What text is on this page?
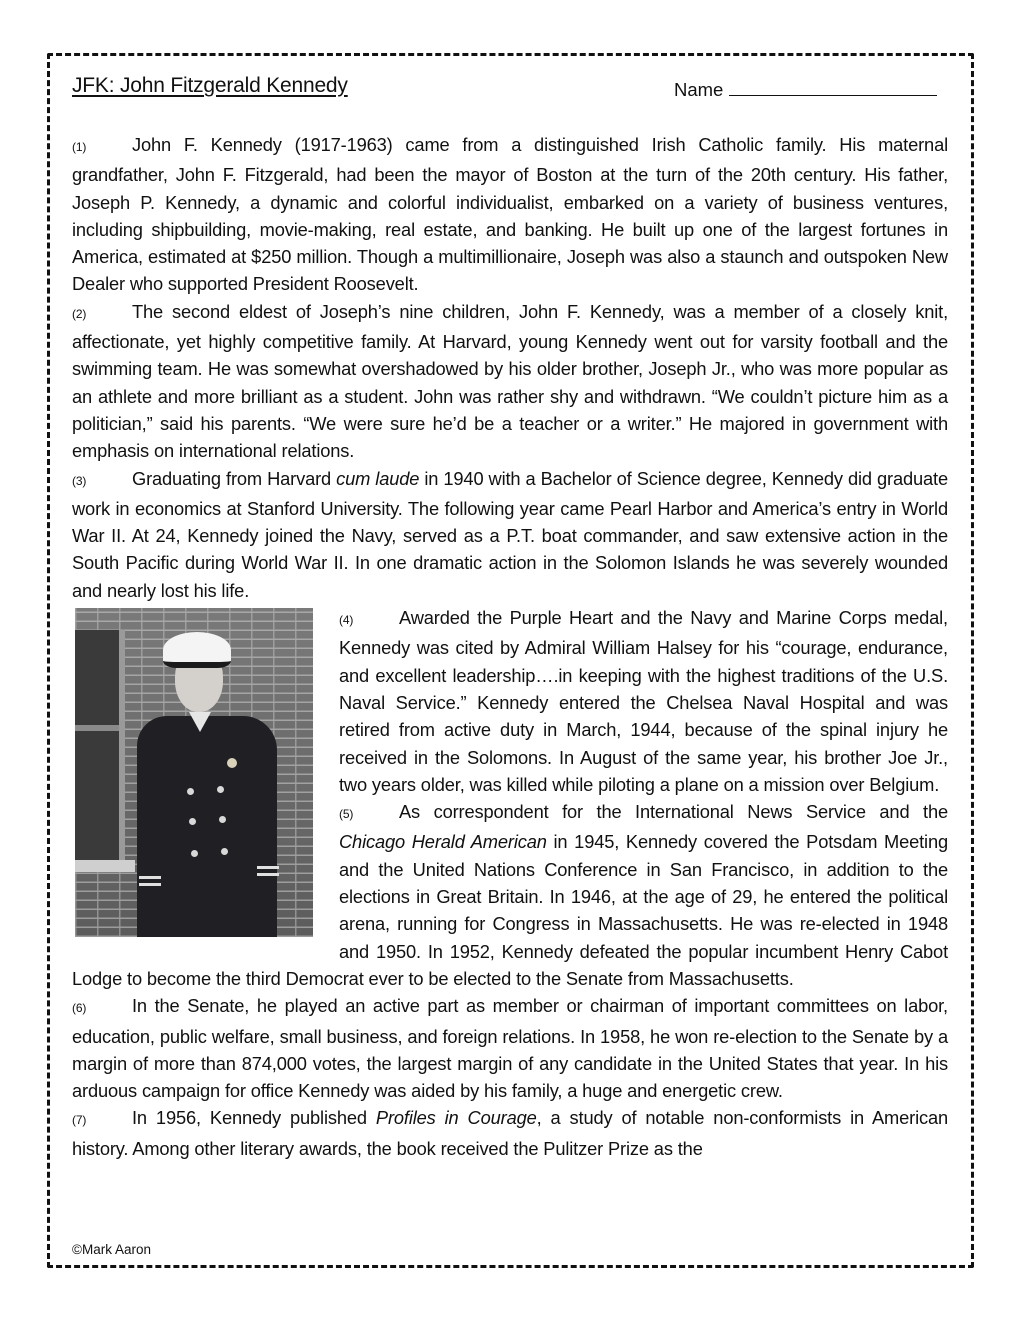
JFK: John Fitzgerald Kennedy	Name

(1)	John F. Kennedy (1917-1963) came from a distinguished Irish Catholic family. His maternal grandfather, John F. Fitzgerald, had been the mayor of Boston at the turn of the 20th century. His father, Joseph P. Kennedy, a dynamic and colorful individualist, embarked on a variety of business ventures, including shipbuilding, movie-making, real estate, and banking. He built up one of the largest fortunes in America, estimated at $250 million. Though a multimillionaire, Joseph was also a staunch and outspoken New Dealer who supported President Roosevelt.

(2)	The second eldest of Joseph’s nine children, John F. Kennedy, was a member of a closely knit, affectionate, yet highly competitive family. At Harvard, young Kennedy went out for varsity football and the swimming team. He was somewhat overshadowed by his older brother, Joseph Jr., who was more popular as an athlete and more brilliant as a student. John was rather shy and withdrawn. “We couldn’t picture him as a politician,” said his parents. “We were sure he’d be a teacher or a writer.” He majored in government with emphasis on international relations.

(3)	Graduating from Harvard cum laude in 1940 with a Bachelor of Science degree, Kennedy did graduate work in economics at Stanford University. The following year came Pearl Harbor and America’s entry in World War II. At 24, Kennedy joined the Navy, served as a P.T. boat commander, and saw extensive action in the South Pacific during World War II. In one dramatic action in the Solomon Islands he was severely wounded and nearly lost his life.

(4)	Awarded the Purple Heart and the Navy and Marine Corps medal, Kennedy was cited by Admiral William Halsey for his “courage, endurance, and excellent leadership….in keeping with the highest traditions of the U.S. Naval Service.” Kennedy entered the Chelsea Naval Hospital and was retired from active duty in March, 1944, because of the spinal injury he received in the Solomons. In August of the same year, his brother Joe Jr., two years older, was killed while piloting a plane on a mission over Belgium.

(5)	As correspondent for the International News Service and the Chicago Herald American in 1945, Kennedy covered the Potsdam Meeting and the United Nations Conference in San Francisco, in addition to the elections in Great Britain. In 1946, at the age of 29, he entered the political arena, running for Congress in Massachusetts. He was re-elected in 1948 and 1950. In 1952, Kennedy defeated the popular incumbent Henry Cabot Lodge to become the third Democrat ever to be elected to the Senate from Massachusetts.

(6)	In the Senate, he played an active part as member or chairman of important committees on labor, education, public welfare, small business, and foreign relations. In 1958, he won re-election to the Senate by a margin of more than 874,000 votes, the largest margin of any candidate in the United States that year. In his arduous campaign for office Kennedy was aided by his family, a huge and energetic crew.

(7)	In 1956, Kennedy published Profiles in Courage, a study of notable non-conformists in American history. Among other literary awards, the book received the Pulitzer Prize as the

©Mark Aaron
